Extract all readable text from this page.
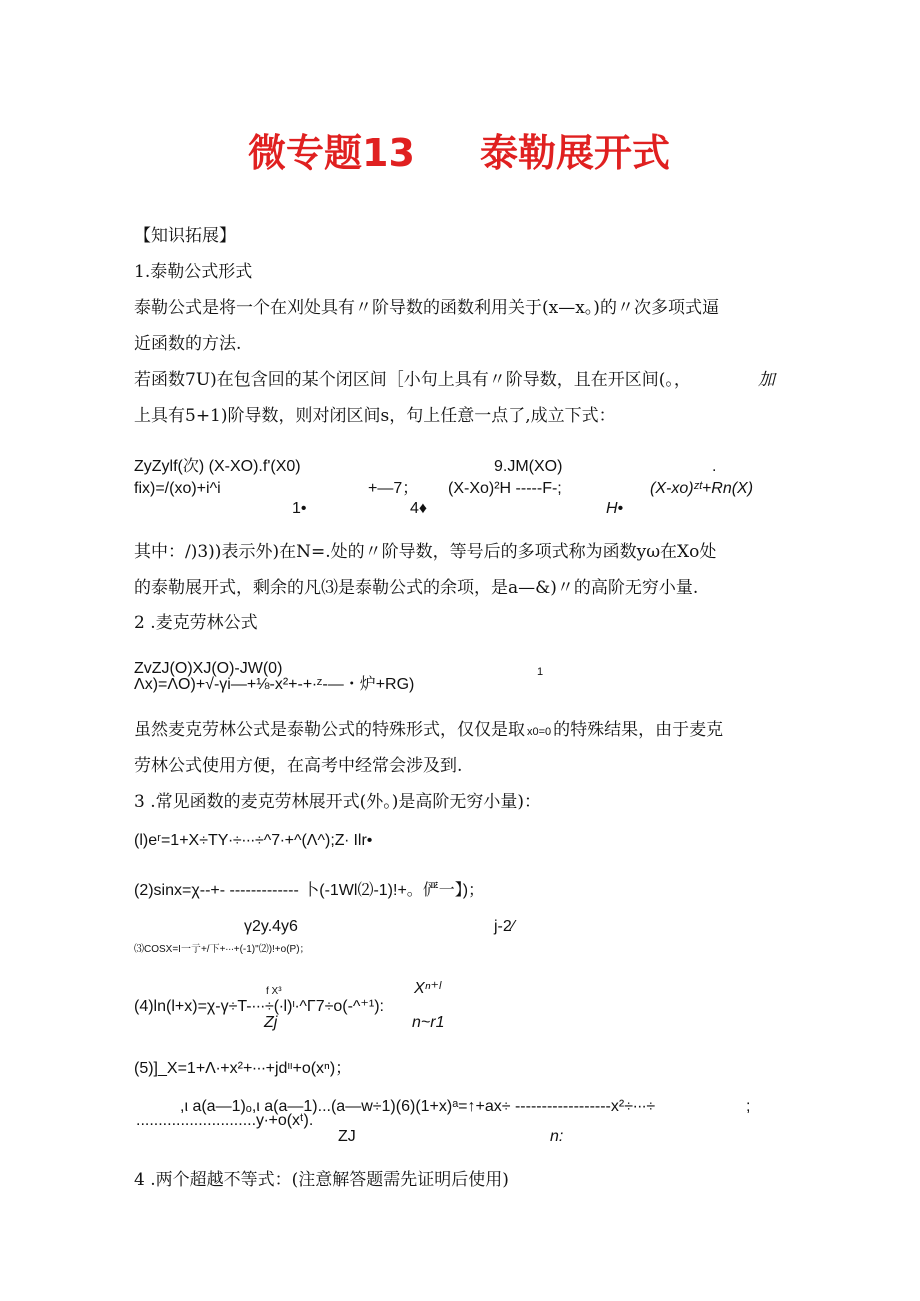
微专题13 泰勒展开式
【知识拓展】
1.泰勒公式形式
泰勒公式是将一个在刈处具有〃阶导数的函数利用关于(x—x。)的〃次多项式逼
近函数的方法.
若函数7U)在包含回的某个闭区间［小句上具有〃阶导数，且在开区间(。，	加
上具有5+1)阶导数，则对闭区间s，句上任意一点了,成立下式：
ZyZylf(次) (X-XO).f'(X0)	9.JM(XO)	.
fix)=/(xo)+i^i	+—7； (X-Xo)²H -----F-;	(X-xo)ᶻᵗ+Rn(X)
1•	4♦	H•
其中：/)3))表示外)在N=.处的〃阶导数，等号后的多项式称为函数yω在Xo处
的泰勒展开式，剩余的凡⑶是泰勒公式的余项，是a—&)〃的高阶无穷小量.
2 .麦克劳林公式
ZvZJ(O)XJ(O)-JW(0)	1
Λx)=ΛO)+√-γi—+⅛-x²+-+∙ᶻ-—・炉+RG)
虽然麦克劳林公式是泰勒公式的特殊形式，仅仅是取 x0=0 的特殊结果，由于麦克
劳林公式使用方便，在高考中经常会涉及到.
3 .常见函数的麦克劳林展开式(外。)是高阶无穷小量)：
(l)eʳ=1+X÷TY∙÷∙∙∙÷^7∙+^(Λ^);Z∙ Ilr•
(2)sinx=χ--+- ------------- 卜(-1Wl⑵-1)!+。俨一】)；
γ2y.4y6	j-2∕
⑶COSX=I一亍+/下+∙∙∙+(-1)"⑵)!+o(P)；
f X³	Xⁿ⁺ˡ
(4)ln(l+x)=χ-γ÷T-∙∙∙÷(∙l)ᶦ∙^Γ7÷o(-^⁺¹):
Zj	n~r1
(5)]_X=1+Λ∙+x²+∙∙∙+jdᶦᶦ+o(xⁿ)；
,ι a(a—1)ₒ,ι a(a—1)...(a—w÷1)(6)(1+x)ᵃ=↑+ax÷ ------------------x²÷∙∙∙÷	;
...........................y∙+o(xᵗ).
ZJ	n:
4 .两个超越不等式：(注意解答题需先证明后使用)
